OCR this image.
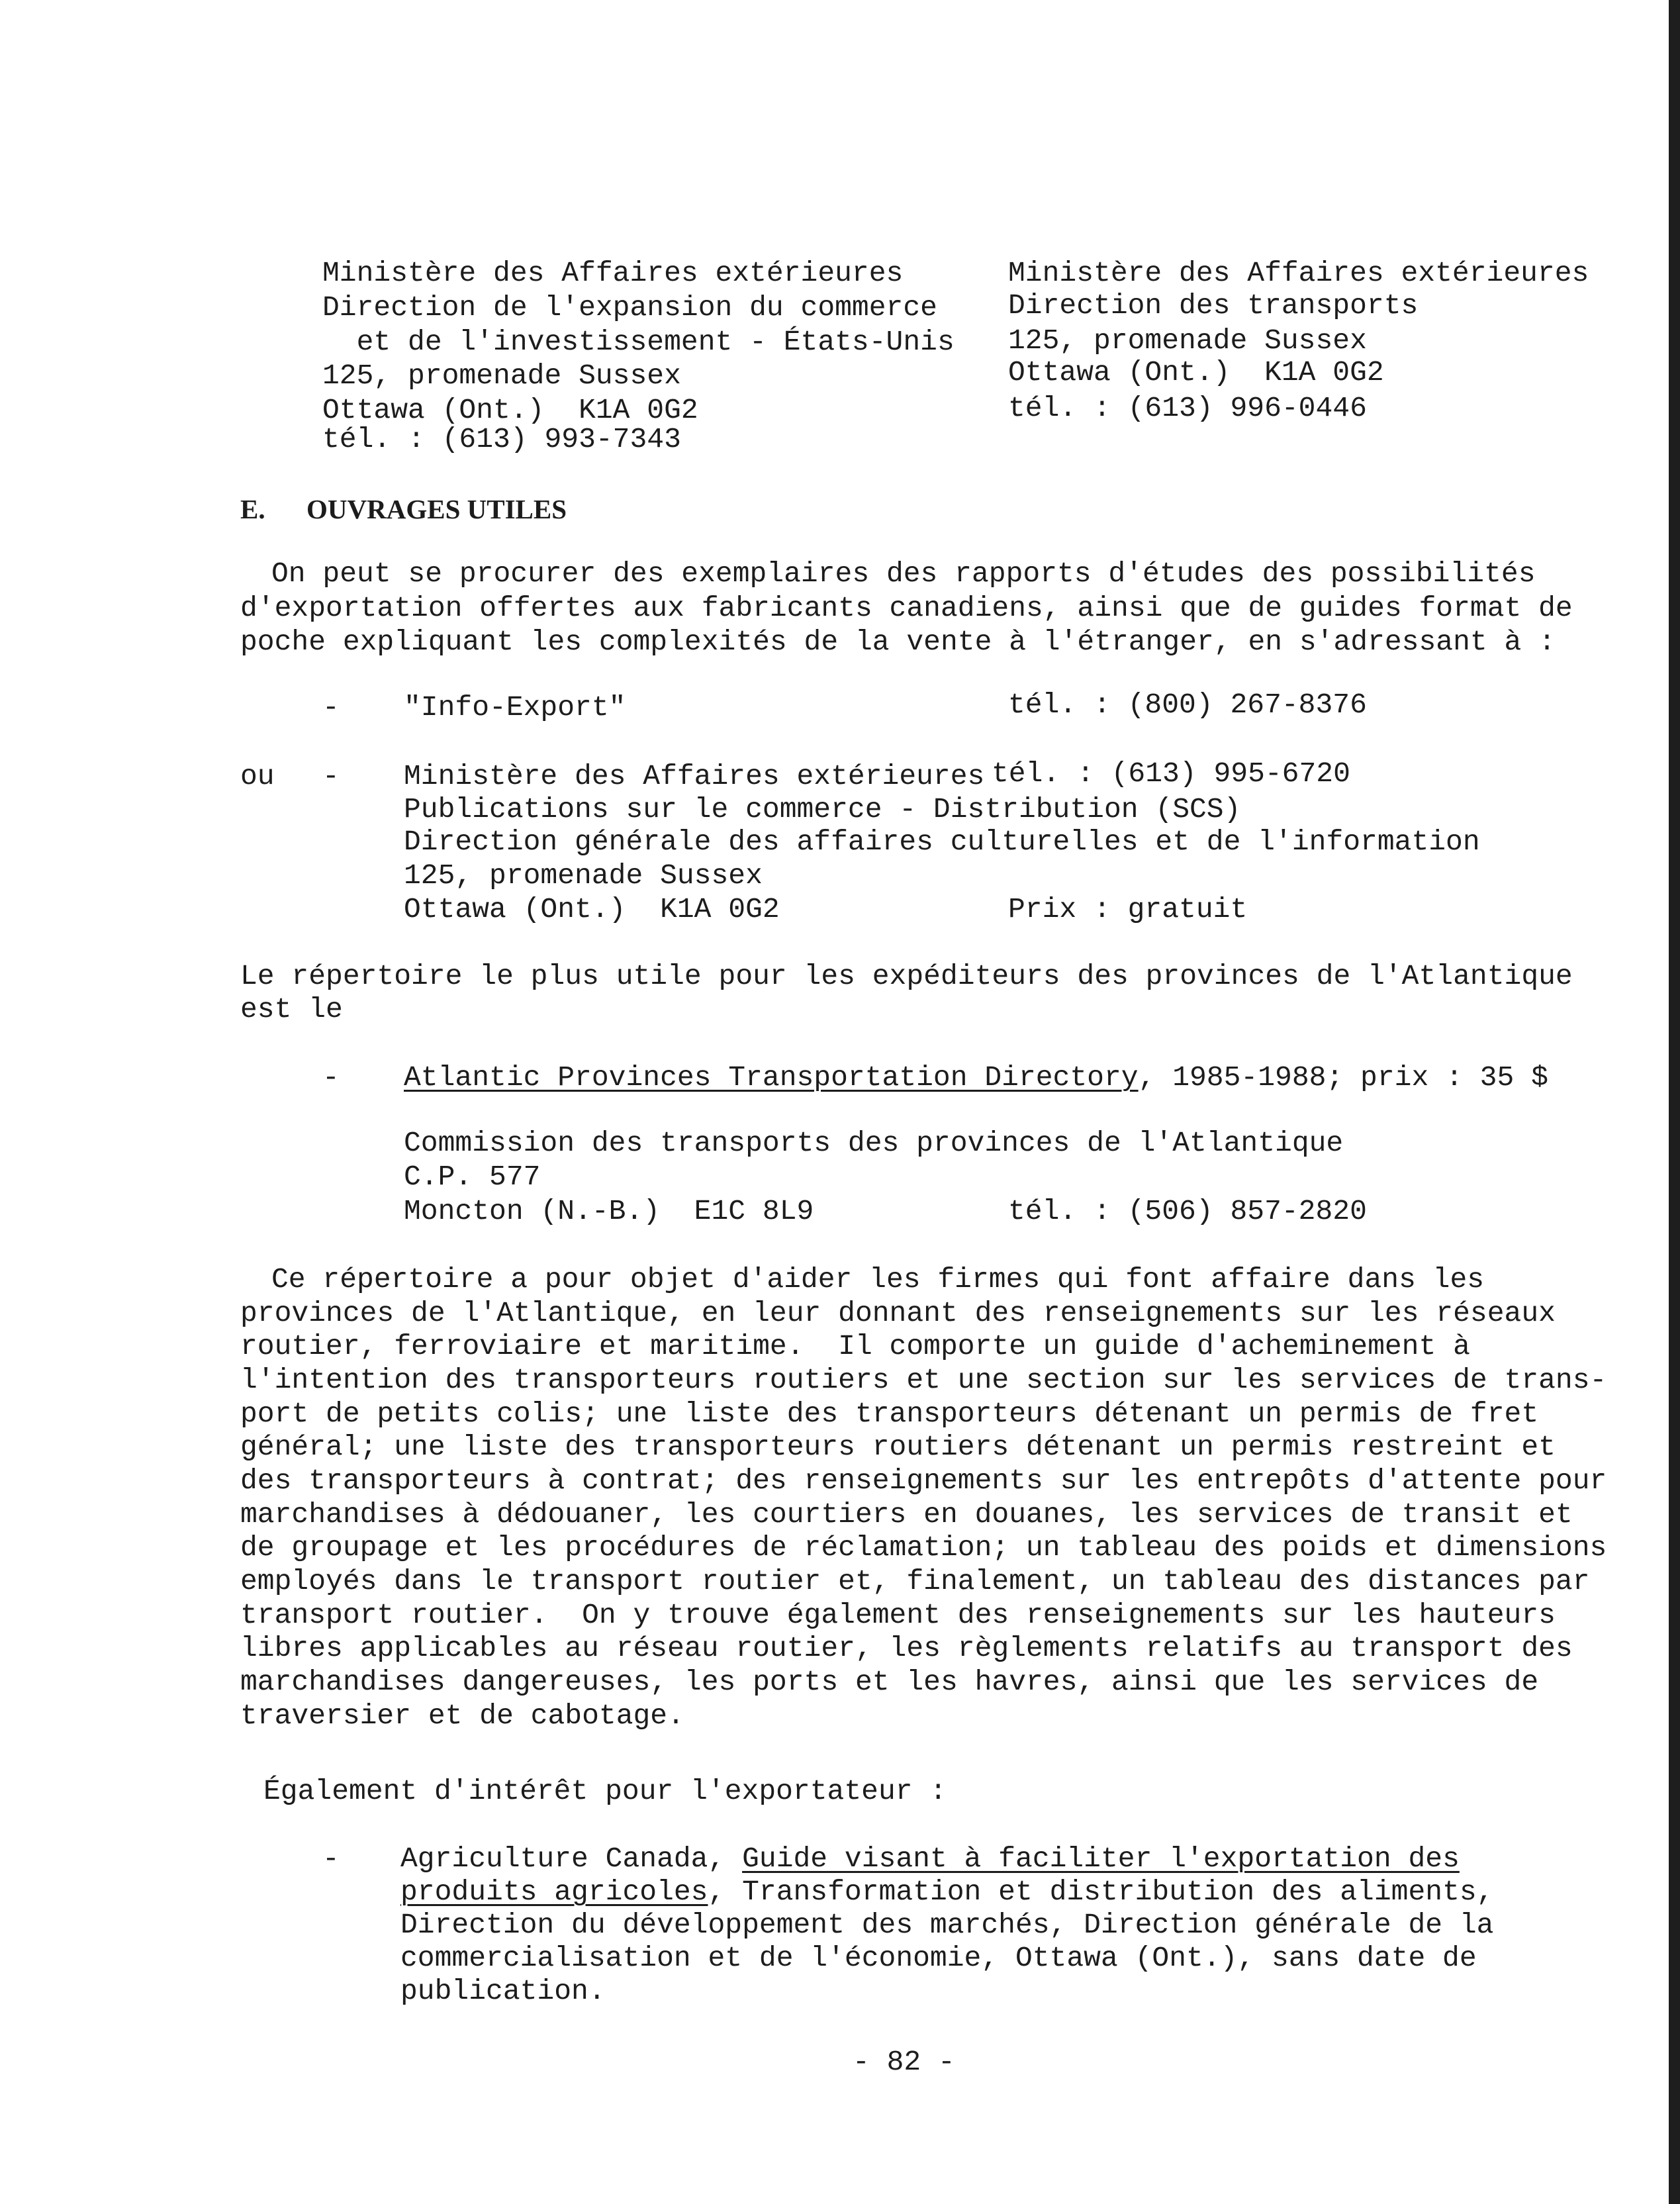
Ministère des Affaires extérieures
Direction de l'expansion du commerce
et de l'investissement - États-Unis
125, promenade Sussex
Ottawa (Ont.)  K1A 0G2
tél. : (613) 993-7343
Ministère des Affaires extérieures
Direction des transports
125, promenade Sussex
Ottawa (Ont.)  K1A 0G2
tél. : (613) 996-0446
E. OUVRAGES UTILES
On peut se procurer des exemplaires des rapports d'études des possibilités
d'exportation offertes aux fabricants canadiens, ainsi que de guides format de
poche expliquant les complexités de la vente à l'étranger, en s'adressant à :
- "Info-Export"	tél. : (800) 267-8376
ou - Ministère des Affaires extérieures tél. : (613) 995-6720
Publications sur le commerce - Distribution (SCS)
Direction générale des affaires culturelles et de l'information
125, promenade Sussex
Ottawa (Ont.)  K1A 0G2	Prix : gratuit
Le répertoire le plus utile pour les expéditeurs des provinces de l'Atlantique
est le
- Atlantic Provinces Transportation Directory, 1985-1988; prix : 35 $
Commission des transports des provinces de l'Atlantique
C.P. 577
Moncton (N.-B.)  E1C 8L9	tél. : (506) 857-2820
Ce répertoire a pour objet d'aider les firmes qui font affaire dans les
provinces de l'Atlantique, en leur donnant des renseignements sur les réseaux
routier, ferroviaire et maritime.  Il comporte un guide d'acheminement à
l'intention des transporteurs routiers et une section sur les services de trans-
port de petits colis; une liste des transporteurs détenant un permis de fret
général; une liste des transporteurs routiers détenant un permis restreint et
des transporteurs à contrat; des renseignements sur les entrepôts d'attente pour
marchandises à dédouaner, les courtiers en douanes, les services de transit et
de groupage et les procédures de réclamation; un tableau des poids et dimensions
employés dans le transport routier et, finalement, un tableau des distances par
transport routier.  On y trouve également des renseignements sur les hauteurs
libres applicables au réseau routier, les règlements relatifs au transport des
marchandises dangereuses, les ports et les havres, ainsi que les services de
traversier et de cabotage.
Également d'intérêt pour l'exportateur :
- Agriculture Canada, Guide visant à faciliter l'exportation des
produits agricoles, Transformation et distribution des aliments,
Direction du développement des marchés, Direction générale de la
commercialisation et de l'économie, Ottawa (Ont.), sans date de
publication.
- 82 -
